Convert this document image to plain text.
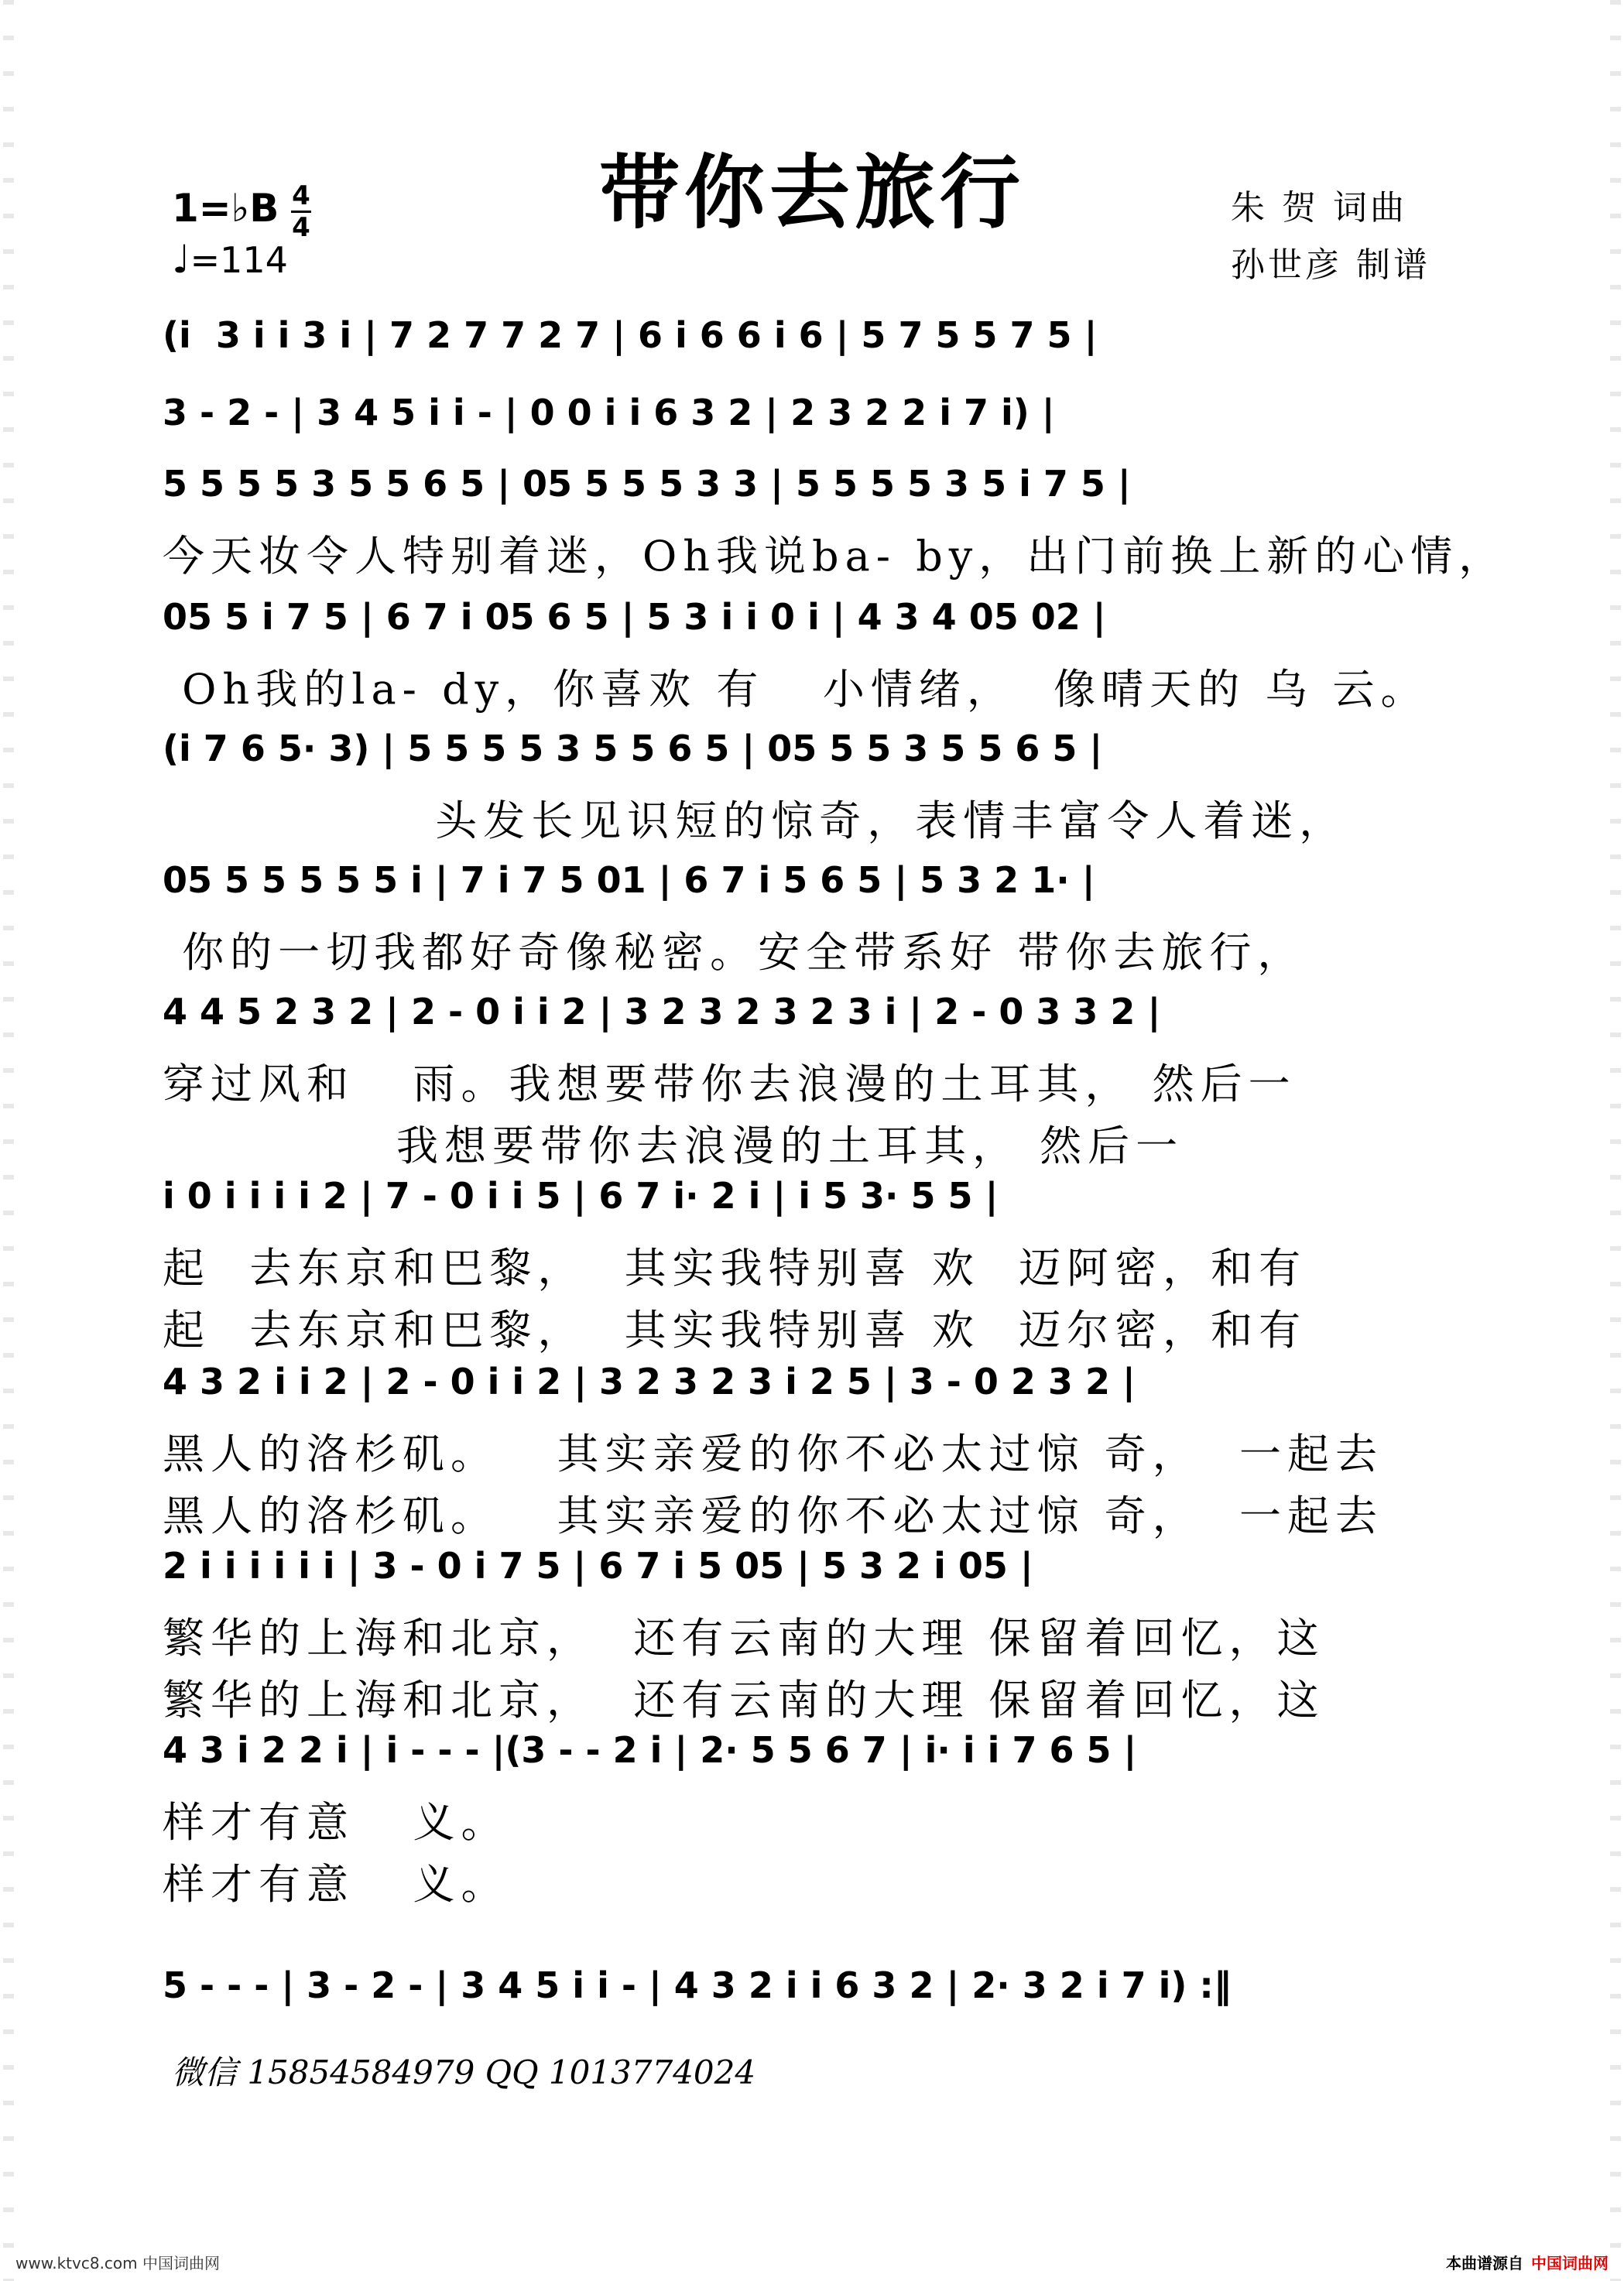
带你去旅行
1=♭B 4
4
♩=114
朱 贺 词曲
孙世彦 制谱
(i  3 i i 3 i | 7 2 7 7 2 7 | 6 i 6 6 i 6 | 5 7 5 5 7 5 |
3 - 2 - | 3 4 5 i i - | 0 0 i i 6 3 2 | 2 3 2 2 i 7 i) |
5 5 5 5 3 5 5 6 5 | 05 5 5 5 3 3 | 5 5 5 5 3 5 i 7 5 |
今天妆令人特别着迷，Oh我说ba- by，出门前换上新的心情，
05 5 i 7 5 | 6 7 i 05 6 5 | 5 3 i i 0 i | 4 3 4 05 02 |
Oh我的la- dy，你喜欢 有   小情绪，  像晴天的 乌 云。
(i 7 6 5· 3) | 5 5 5 5 3 5 5 6 5 | 05 5 5 3 5 5 6 5 |
头发长见识短的惊奇，表情丰富令人着迷，
05 5 5 5 5 5 i | 7 i 7 5 01 | 6 7 i 5 6 5 | 5 3 2 1· |
你的一切我都好奇像秘密。安全带系好 带你去旅行，
4 4 5 2 3 2 | 2 - 0 i i 2 | 3 2 3 2 3 2 3 i | 2 - 0 3 3 2 |
穿过风和   雨。我想要带你去浪漫的土耳其， 然后一
我想要带你去浪漫的土耳其， 然后一
i 0 i i i i 2 | 7 - 0 i i 5 | 6 7 i· 2 i | i 5 3· 5 5 |
起  去东京和巴黎，  其实我特别喜 欢  迈阿密，和有
起  去东京和巴黎，  其实我特别喜 欢  迈尔密，和有
4 3 2 i i 2 | 2 - 0 i i 2 | 3 2 3 2 3 i 2 5 | 3 - 0 2 3 2 |
黑人的洛杉矶。   其实亲爱的你不必太过惊 奇，  一起去
黑人的洛杉矶。   其实亲爱的你不必太过惊 奇，  一起去
2 i i i i i i | 3 - 0 i 7 5 | 6 7 i 5 05 | 5 3 2 i 05 |
繁华的上海和北京，  还有云南的大理 保留着回忆，这
繁华的上海和北京，  还有云南的大理 保留着回忆，这
4 3 i 2 2 i | i - - - |(3 - - 2 i | 2· 5 5 6 7 | i· i i 7 6 5 |
样才有意   义。
样才有意   义。
5 - - - | 3 - 2 - | 3 4 5 i i - | 4 3 2 i i 6 3 2 | 2· 3 2 i 7 i) :‖
微信 15854584979 QQ 1013774024
www.ktvc8.com 中国词曲网	本曲谱源自 中国词曲网
